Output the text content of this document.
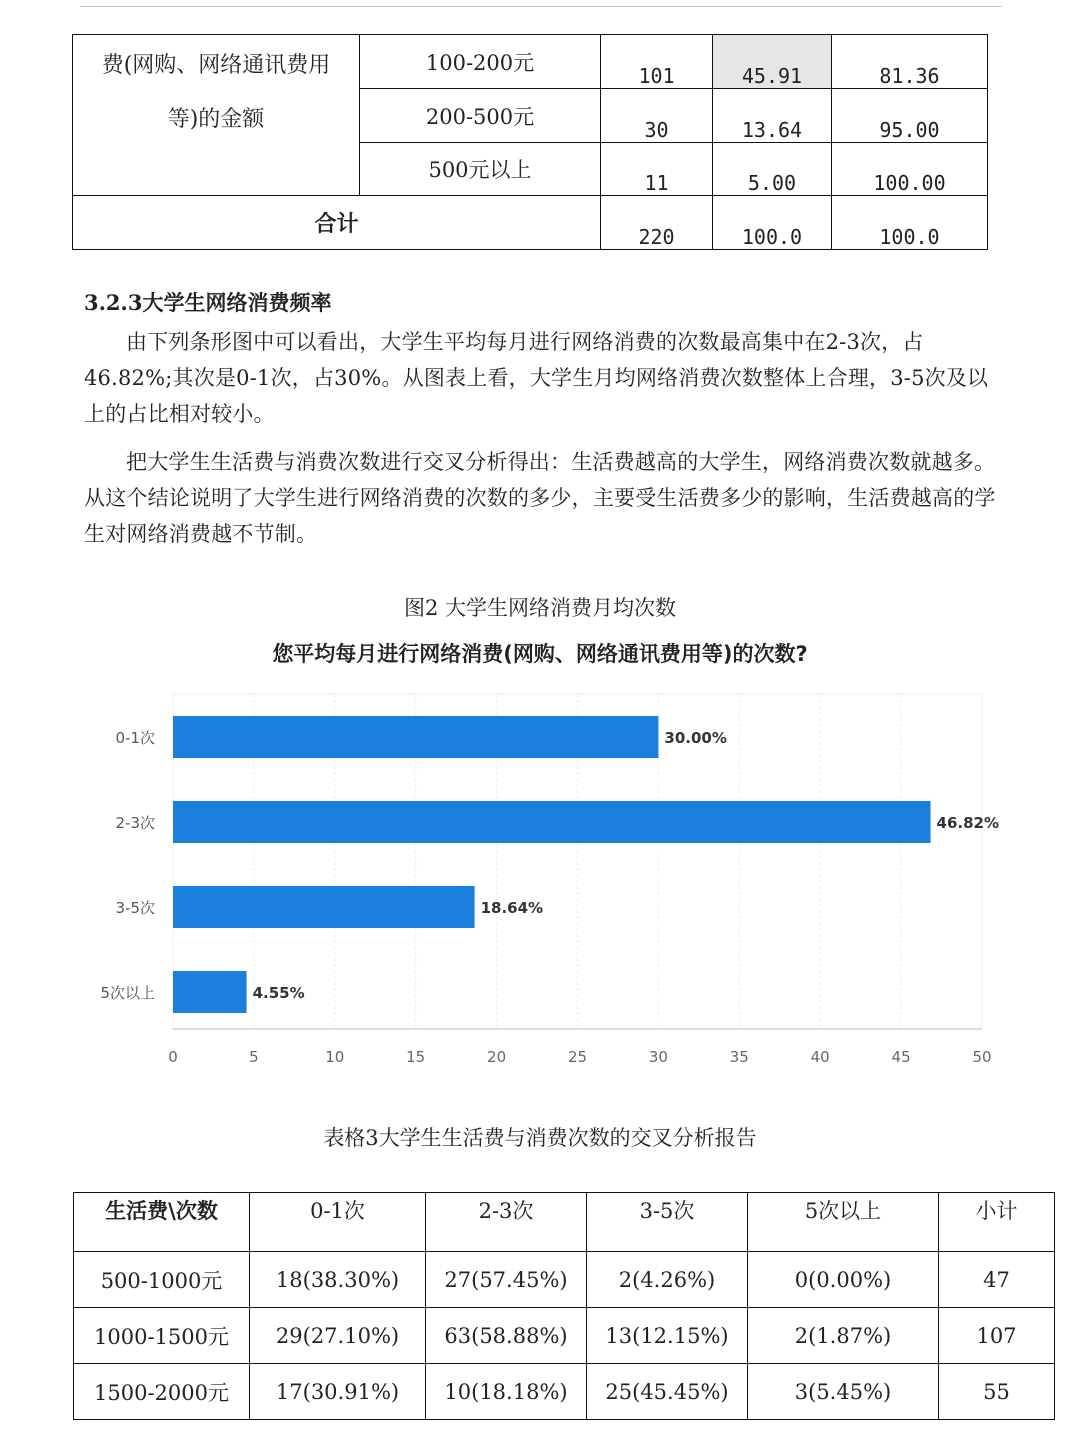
费(网购、网络通讯费用
等)的金额	100-200元	101	45.91	81.36
	200-500元	30	13.64	95.00
	500元以上	11	5.00	100.00
合计		220	100.0	100.0
3.2.3大学生网络消费频率
由下列条形图中可以看出，大学生平均每月进行网络消费的次数最高集中在2-3次，占46.82%;其次是0-1次，占30%。从图表上看，大学生月均网络消费次数整体上合理，3-5次及以上的占比相对较小。
把大学生生活费与消费次数进行交叉分析得出：生活费越高的大学生，网络消费次数就越多。从这个结论说明了大学生进行网络消费的次数的多少，主要受生活费多少的影响，生活费越高的学生对网络消费越不节制。
图2 大学生网络消费月均次数
您平均每月进行网络消费(网购、网络通讯费用等)的次数?
0	5	10	15	20	25	30	35	40	45	50
0-1次	30.00%
2-3次	46.82%
3-5次	18.64%
5次以上	4.55%
表格3大学生生活费与消费次数的交叉分析报告
生活费\次数	0-1次	2-3次	3-5次	5次以上	小计
500-1000元	18(38.30%)	27(57.45%)	2(4.26%)	0(0.00%)	47
1000-1500元	29(27.10%)	63(58.88%)	13(12.15%)	2(1.87%)	107
1500-2000元	17(30.91%)	10(18.18%)	25(45.45%)	3(5.45%)	55
